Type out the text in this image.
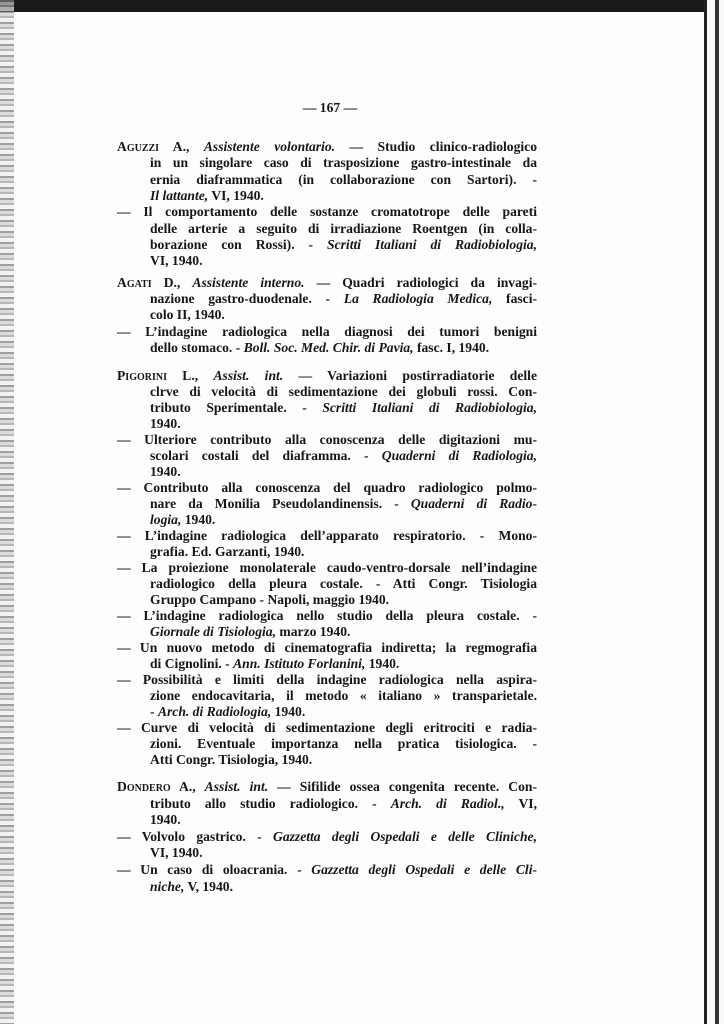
— 167 —
Aguzzi A., Assistente volontario. — Studio clinico-radiologico
in un singolare caso di trasposizione gastro-intestinale da
ernia diaframmatica (in collaborazione con Sartori). -
Il lattante, VI, 1940.
— Il comportamento delle sostanze cromatotrope delle pareti
delle arterie a seguito di irradiazione Roentgen (in colla-
borazione con Rossi). - Scritti Italiani di Radiobiologia,
VI, 1940.
Agati D., Assistente interno. — Quadri radiologici da invagi-
nazione gastro-duodenale. - La Radiologia Medica, fasci-
colo II, 1940.
— L’indagine radiologica nella diagnosi dei tumori benigni
dello stomaco. - Boll. Soc. Med. Chir. di Pavia, fasc. I, 1940.
Pigorini L., Assist. int. — Variazioni postirradiatorie delle
clrve di velocità di sedimentazione dei globuli rossi. Con-
tributo Sperimentale. - Scritti Italiani di Radiobiologia,
1940.
— Ulteriore contributo alla conoscenza delle digitazioni mu-
scolari costali del diaframma. - Quaderni di Radiologia,
1940.
— Contributo alla conoscenza del quadro radiologico polmo-
nare da Monilia Pseudolandinensis. - Quaderni di Radio-
logia, 1940.
— L’indagine radiologica dell’apparato respiratorio. - Mono-
grafia. Ed. Garzanti, 1940.
— La proiezione monolaterale caudo-ventro-dorsale nell’indagine
radiologico della pleura costale. - Atti Congr. Tisiologia
Gruppo Campano - Napoli, maggio 1940.
— L’indagine radiologica nello studio della pleura costale. -
Giornale di Tisiologia, marzo 1940.
— Un nuovo metodo di cinematografia indiretta; la regmografia
di Cignolini. - Ann. Istituto Forlanini, 1940.
— Possibilità e limiti della indagine radiologica nella aspira-
zione endocavitaria, il metodo « italiano » transparietale.
- Arch. di Radiologia, 1940.
— Curve di velocità di sedimentazione degli eritrociti e radia-
zioni. Eventuale importanza nella pratica tisiologica. -
Atti Congr. Tisiologia, 1940.
Dondero A., Assist. int. — Sifilide ossea congenita recente. Con-
tributo allo studio radiologico. - Arch. di Radiol., VI,
1940.
— Volvolo gastrico. - Gazzetta degli Ospedali e delle Cliniche,
VI, 1940.
— Un caso di oloacrania. - Gazzetta degli Ospedali e delle Cli-
niche, V, 1940.
